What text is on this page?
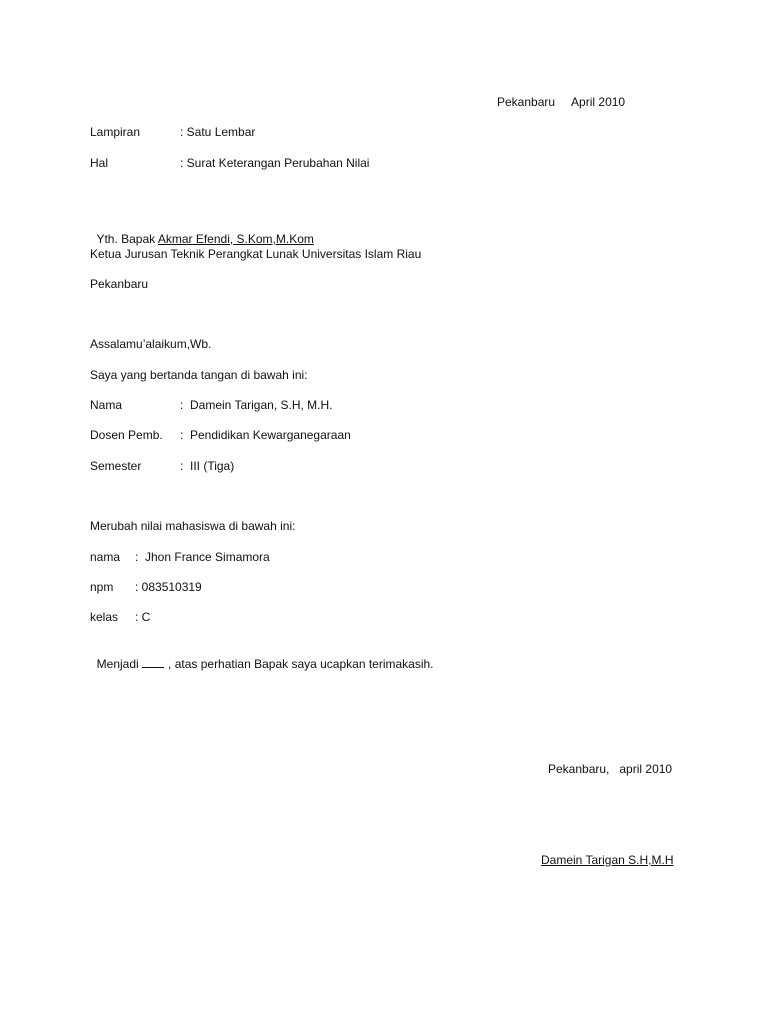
Pekanbaru     April 2010
Lampiran	: Satu Lembar
Hal	: Surat Keterangan Perubahan Nilai

Yth. Bapak Akmar Efendi, S.Kom,M.Kom

Ketua Jurusan Teknik Perangkat Lunak Universitas Islam Riau
Pekanbaru
Assalamu’alaikum,Wb.
Saya yang bertanda tangan di bawah ini:
Nama	:  Damein Tarigan, S.H, M.H.
Dosen Pemb. :  Pendidikan Kewarganegaraan
Semester	:  III (Tiga)
Merubah nilai mahasiswa di bawah ini:
nama :  Jhon France Simamora
npm : 083510319
kelas : C

Menjadi , atas perhatian Bapak saya ucapkan terimakasih.

Pekanbaru,   april 2010
Damein Tarigan S.H,M.H
